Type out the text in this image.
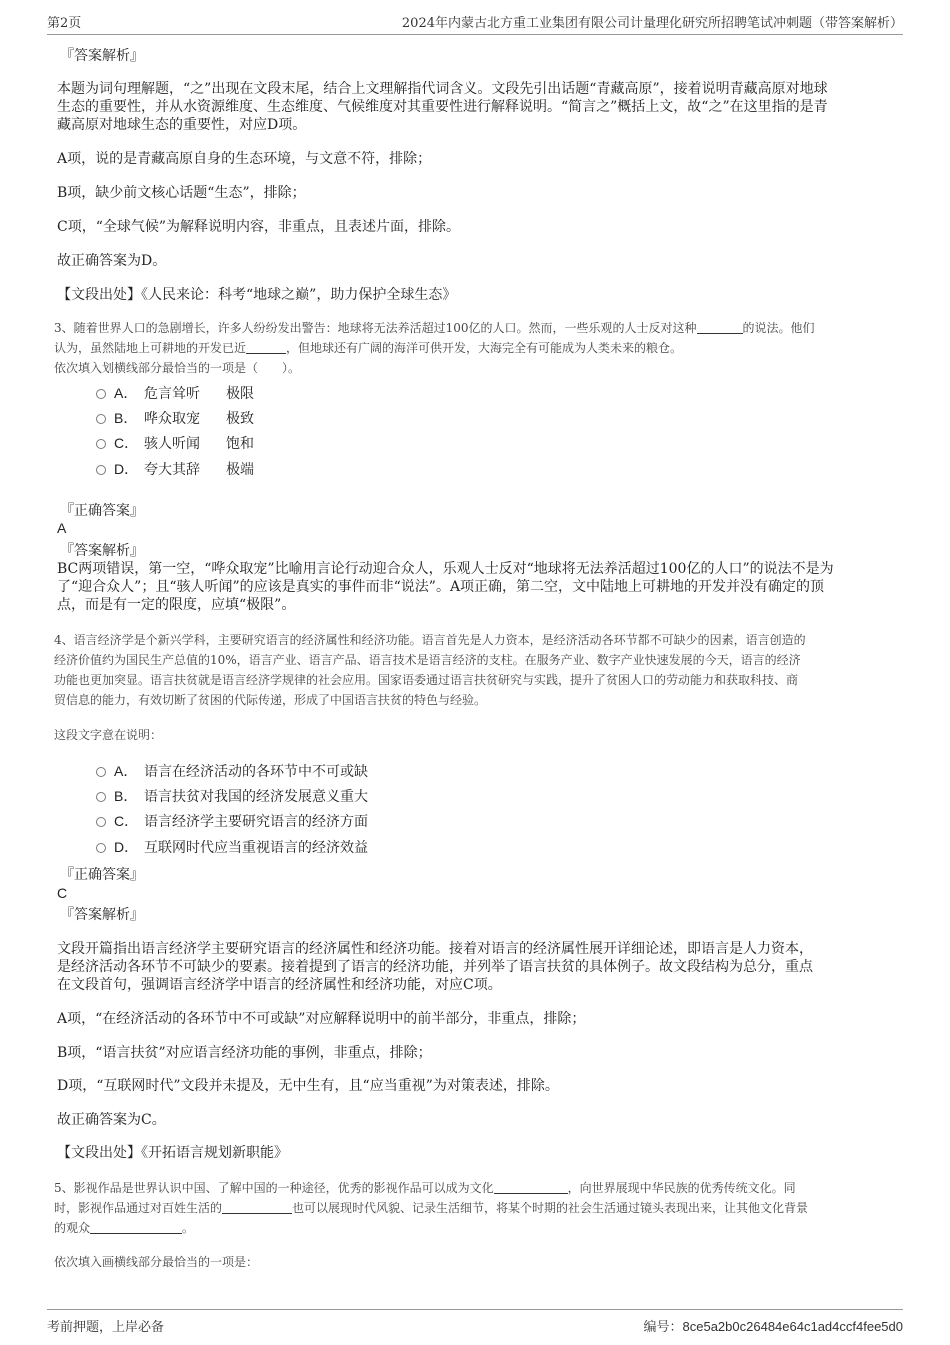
第2页	2024年内蒙古北方重工业集团有限公司计量理化研究所招聘笔试冲刺题（带答案解析）
『答案解析』
本题为词句理解题，“之”出现在文段末尾，结合上文理解指代词含义。文段先引出话题“青藏高原”，接着说明青藏高原对地球
生态的重要性，并从水资源维度、生态维度、气候维度对其重要性进行解释说明。“简言之”概括上文，故“之”在这里指的是青
藏高原对地球生态的重要性，对应D项。
A项，说的是青藏高原自身的生态环境，与文意不符，排除；
B项，缺少前文核心话题“生态”，排除；
C项，“全球气候”为解释说明内容，非重点，且表述片面，排除。
故正确答案为D。
【文段出处】《人民来论：科考“地球之巅”，助力保护全球生态》
3、随着世界人口的急剧增长，许多人纷纷发出警告：地球将无法养活超过100亿的人口。然而，一些乐观的人士反对这种	的说法。他们
认为，虽然陆地上可耕地的开发已近	，但地球还有广阔的海洋可供开发，大海完全有可能成为人类未来的粮仓。
依次填入划横线部分最恰当的一项是（　　）。
A． 危言耸听 极限
B． 哗众取宠 极致
C． 骇人听闻 饱和
D． 夸大其辞 极端
『正确答案』
A
『答案解析』
BC两项错误，第一空，“哗众取宠”比喻用言论行动迎合众人，乐观人士反对“地球将无法养活超过100亿的人口”的说法不是为
了“迎合众人”；且“骇人听闻”的应该是真实的事件而非“说法”。A项正确，第二空，文中陆地上可耕地的开发并没有确定的顶
点，而是有一定的限度，应填“极限”。
4、语言经济学是个新兴学科，主要研究语言的经济属性和经济功能。语言首先是人力资本，是经济活动各环节都不可缺少的因素，语言创造的
经济价值约为国民生产总值的10%，语言产业、语言产品、语言技术是语言经济的支柱。在服务产业、数字产业快速发展的今天，语言的经济
功能也更加突显。语言扶贫就是语言经济学规律的社会应用。国家语委通过语言扶贫研究与实践，提升了贫困人口的劳动能力和获取科技、商
贸信息的能力，有效切断了贫困的代际传递，形成了中国语言扶贫的特色与经验。
这段文字意在说明：
A． 语言在经济活动的各环节中不可或缺
B． 语言扶贫对我国的经济发展意义重大
C． 语言经济学主要研究语言的经济方面
D． 互联网时代应当重视语言的经济效益
『正确答案』
C
『答案解析』
文段开篇指出语言经济学主要研究语言的经济属性和经济功能。接着对语言的经济属性展开详细论述，即语言是人力资本，
是经济活动各环节不可缺少的要素。接着提到了语言的经济功能，并列举了语言扶贫的具体例子。故文段结构为总分，重点
在文段首句，强调语言经济学中语言的经济属性和经济功能，对应C项。
A项，“在经济活动的各环节中不可或缺”对应解释说明中的前半部分，非重点，排除；
B项，“语言扶贫”对应语言经济功能的事例，非重点，排除；
D项，“互联网时代”文段并未提及，无中生有，且“应当重视”为对策表述，排除。
故正确答案为C。
【文段出处】《开拓语言规划新职能》
5、影视作品是世界认识中国、了解中国的一种途径，优秀的影视作品可以成为文化	，向世界展现中华民族的优秀传统文化。同
时，影视作品通过对百姓生活的	也可以展现时代风貌、记录生活细节，将某个时期的社会生活通过镜头表现出来，让其他文化背景
的观众	。
依次填入画横线部分最恰当的一项是：
考前押题，上岸必备	编号：8ce5a2b0c26484e64c1ad4ccf4fee5d0
